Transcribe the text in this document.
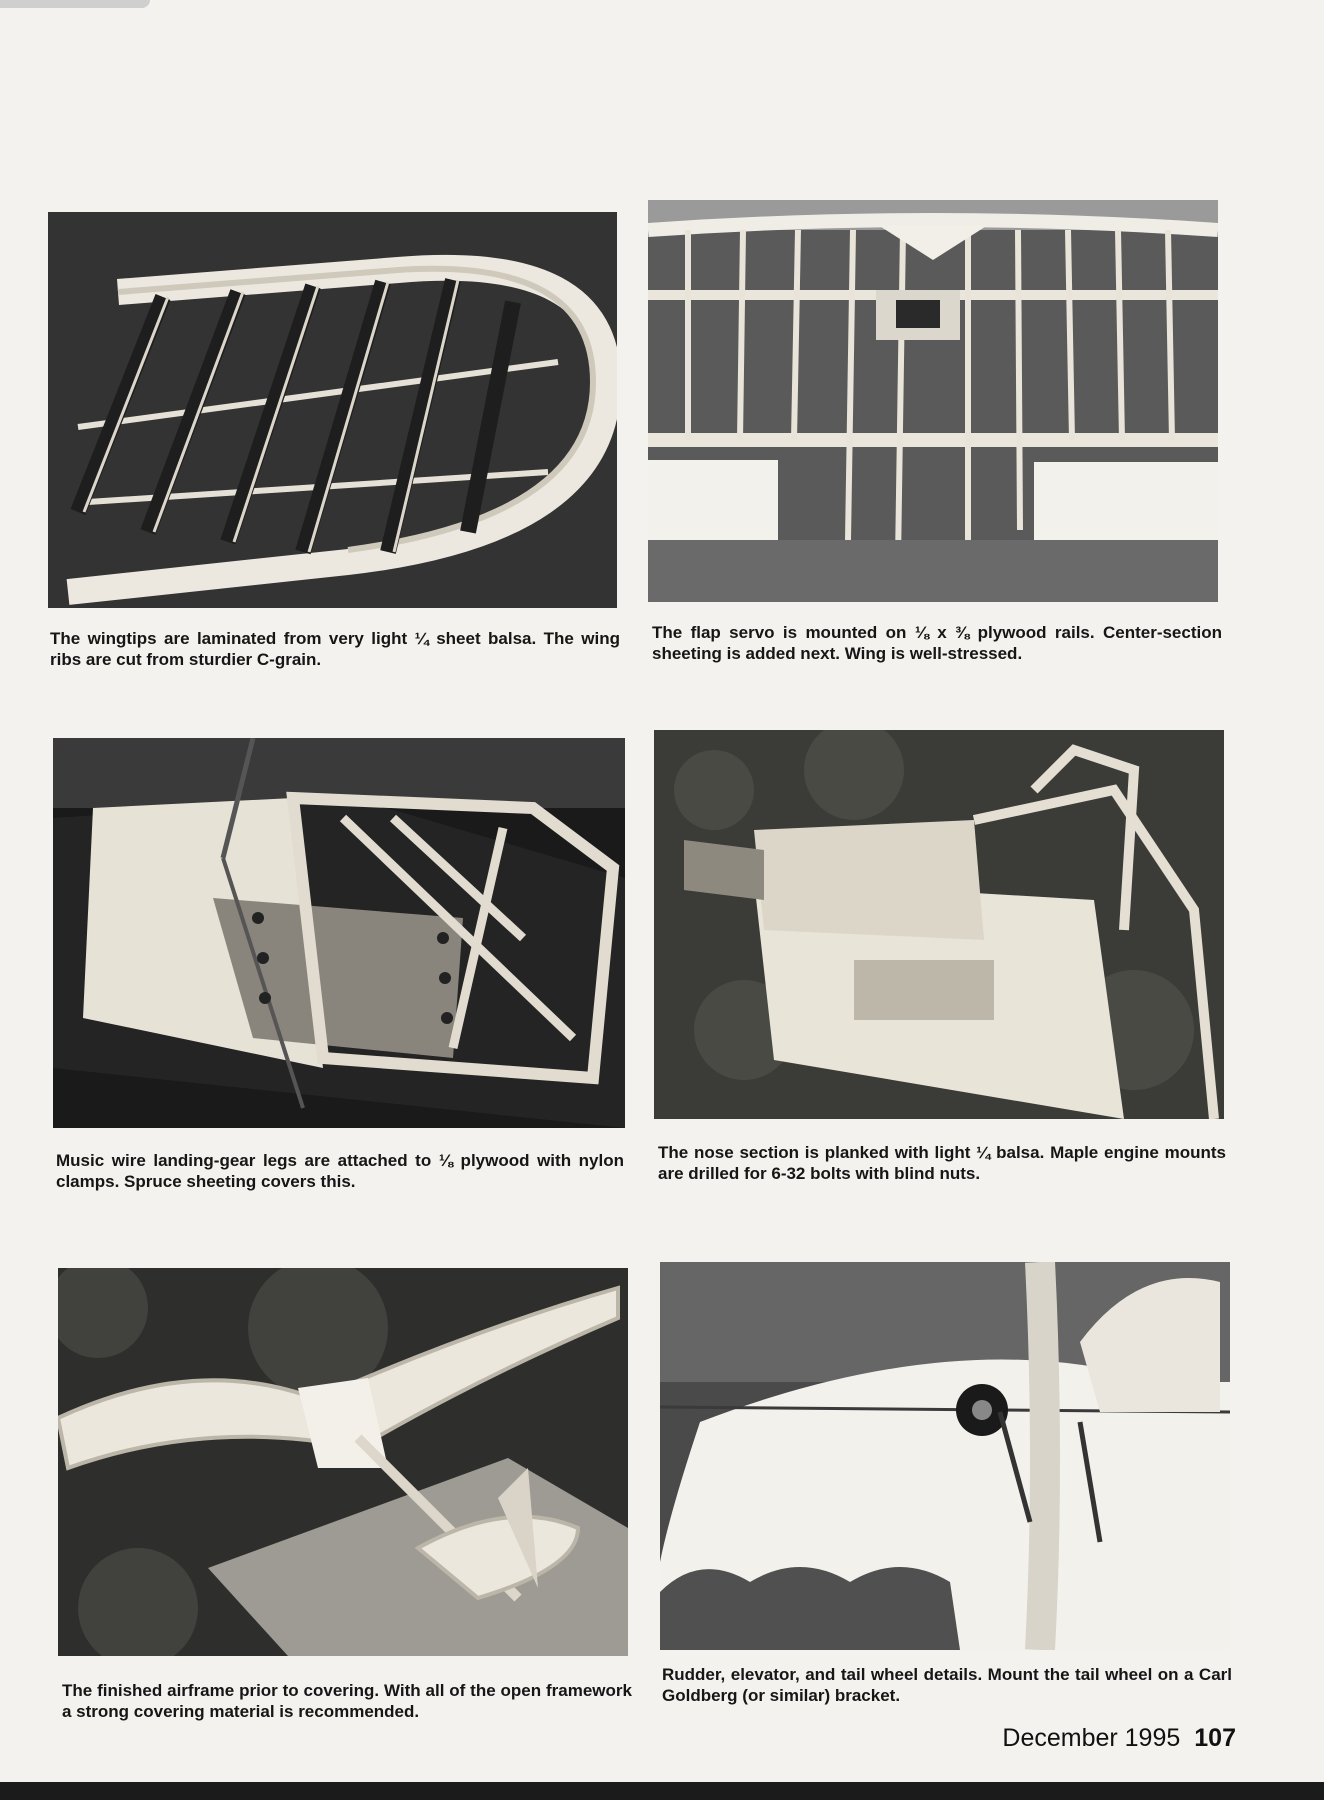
The wingtips are laminated from very light ¼ sheet balsa. The wing ribs are cut from sturdier C-grain.

The flap servo is mounted on ⅛ x ⅜ plywood rails. Center-section sheeting is added next. Wing is well-stressed.

Music wire landing-gear legs are attached to ⅛ plywood with nylon clamps. Spruce sheeting covers this.

The nose section is planked with light ¼ balsa. Maple engine mounts are drilled for 6-32 bolts with blind nuts.

The finished airframe prior to covering. With all of the open framework a strong covering material is recommended.

Rudder, elevator, and tail wheel details. Mount the tail wheel on a Carl Goldberg (or similar) bracket.

December 1995 107
